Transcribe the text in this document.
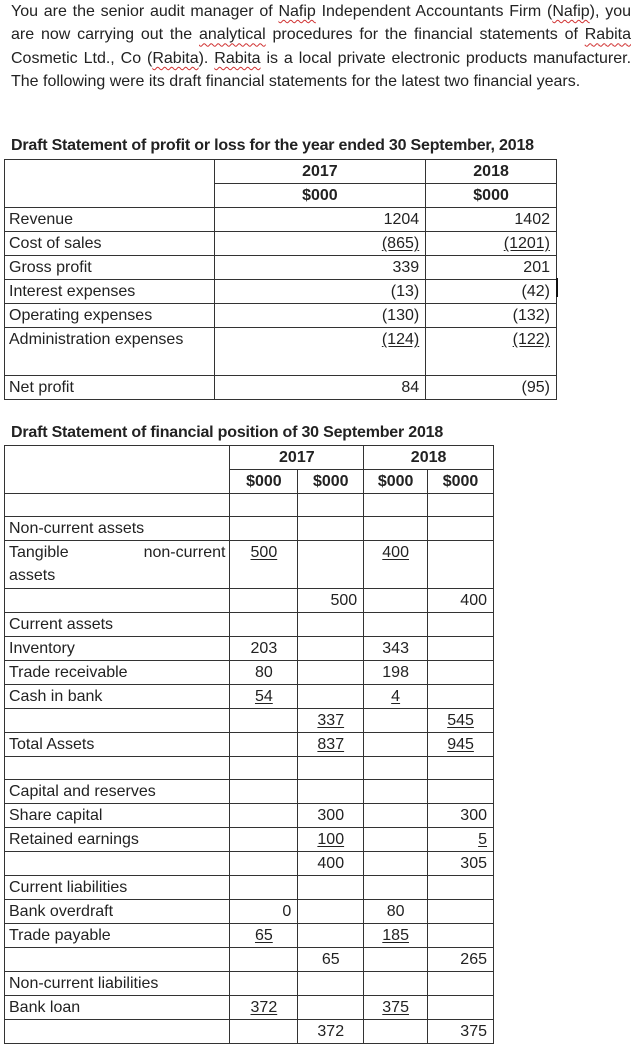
You are the senior audit manager of Nafip Independent Accountants Firm (Nafip), you are now carrying out the analytical procedures for the financial statements of Rabita Cosmetic Ltd., Co (Rabita). Rabita is a local private electronic products manufacturer. The following were its draft financial statements for the latest two financial years.
Draft Statement of profit or loss for the year ended 30 September, 2018
	2017	2018
	$000	$000

Revenue	1204	1402
Cost of sales	(865)	(1201)
Gross profit	339	201
Interest expenses	(13)	(42)
Operating expenses	(130)	(132)
Administration expenses	(124)	(122)
Net profit	84	(95)
Draft Statement of financial position of 30 September 2018
	2017		2018	
	$000	$000	$000	$000

Non-current assets				

Tangible non-current
assets	500		400	
		500		400
Current assets				
Inventory	203		343	
Trade receivable	80		198	
Cash in bank	54		4	
		337		545
Total Assets		837		945

Capital and reserves				
Share capital		300		300
Retained earnings		100		5
		400		305
Current liabilities				
Bank overdraft	0		80	
Trade payable	65		185	
		65		265
Non-current liabilities				
Bank loan	372		375	
		372		375
